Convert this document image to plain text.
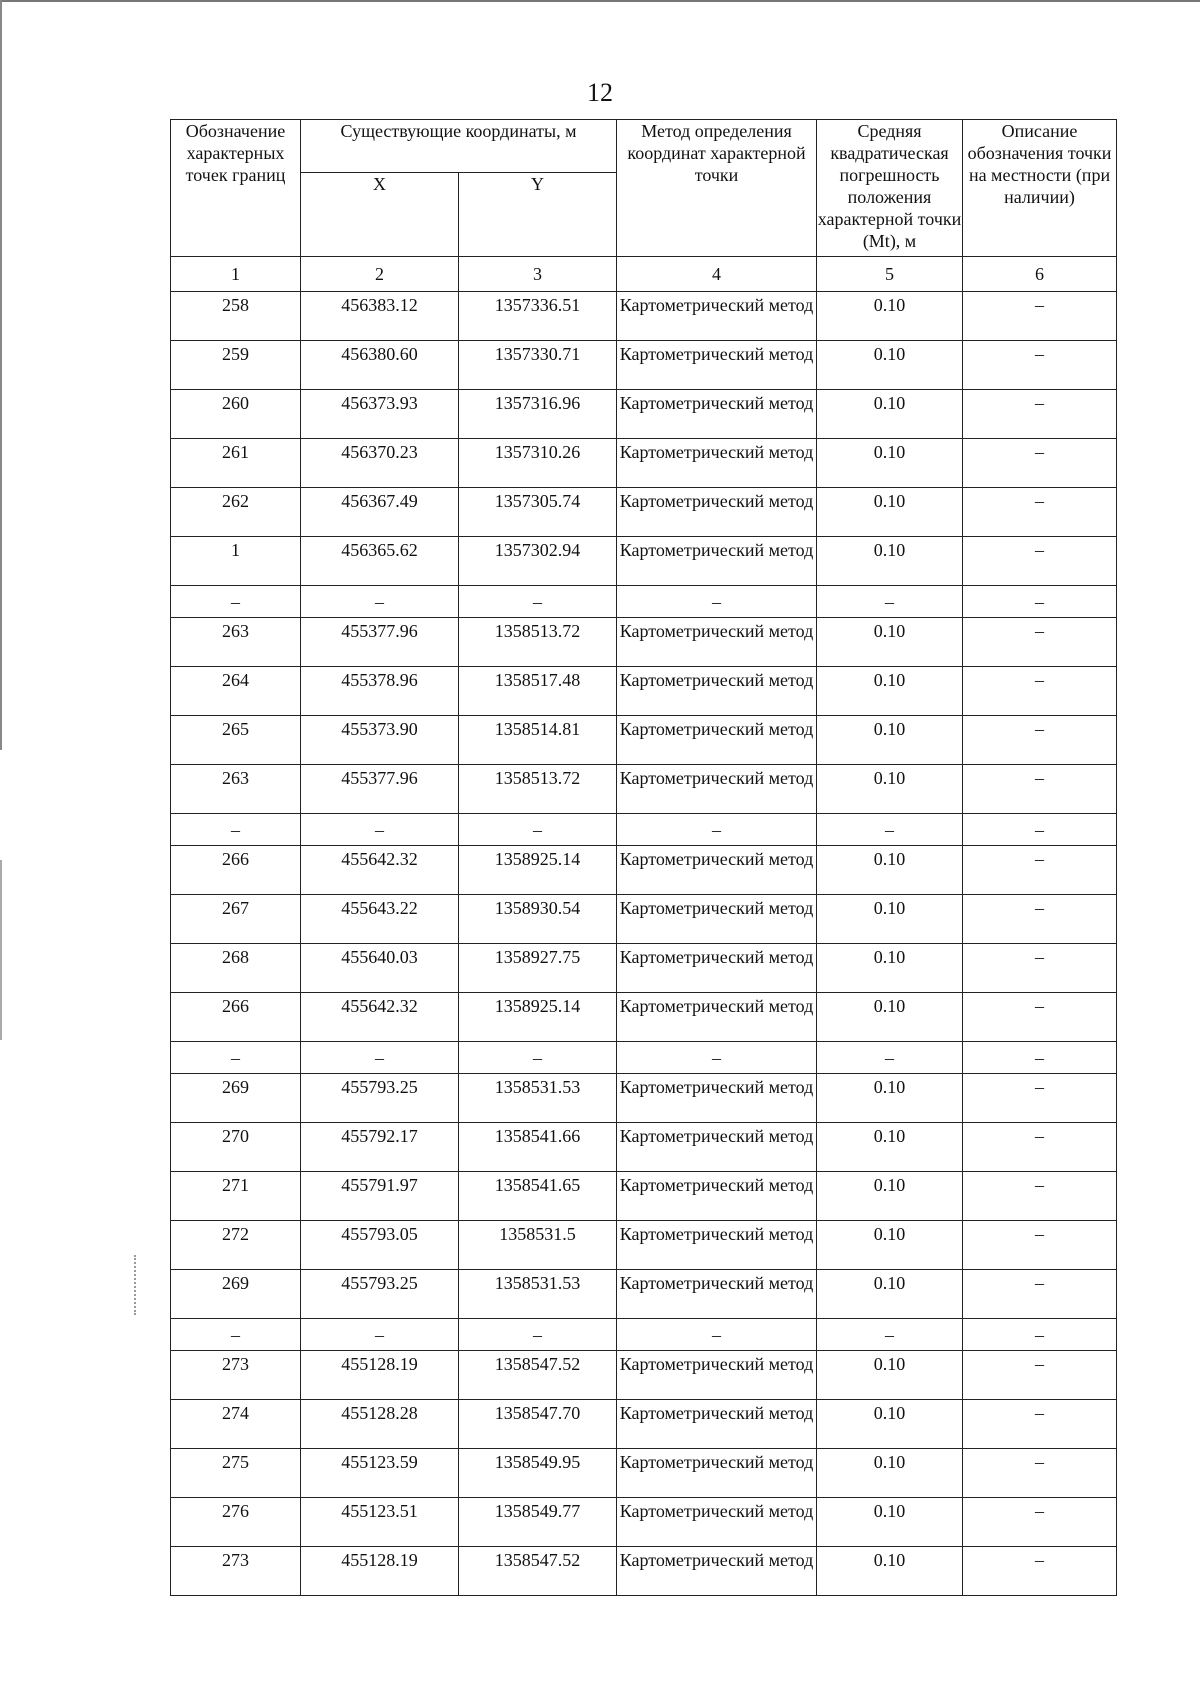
12
Обозначение характерных точек границ	Существующие координаты, м		Метод определения координат характерной точки	Средняя квадратическая погрешность положения характерной точки (Mt), м	Описание обозначения точки на местности (при наличии)
	X	Y			
1	2	3	4	5	6
258	456383.12	1357336.51	Картометрический метод	0.10	–
259	456380.60	1357330.71	Картометрический метод	0.10	–
260	456373.93	1357316.96	Картометрический метод	0.10	–
261	456370.23	1357310.26	Картометрический метод	0.10	–
262	456367.49	1357305.74	Картометрический метод	0.10	–
1	456365.62	1357302.94	Картометрический метод	0.10	–
–	–	–	–	–	–
263	455377.96	1358513.72	Картометрический метод	0.10	–
264	455378.96	1358517.48	Картометрический метод	0.10	–
265	455373.90	1358514.81	Картометрический метод	0.10	–
263	455377.96	1358513.72	Картометрический метод	0.10	–
–	–	–	–	–	–
266	455642.32	1358925.14	Картометрический метод	0.10	–
267	455643.22	1358930.54	Картометрический метод	0.10	–
268	455640.03	1358927.75	Картометрический метод	0.10	–
266	455642.32	1358925.14	Картометрический метод	0.10	–
–	–	–	–	–	–
269	455793.25	1358531.53	Картометрический метод	0.10	–
270	455792.17	1358541.66	Картометрический метод	0.10	–
271	455791.97	1358541.65	Картометрический метод	0.10	–
272	455793.05	1358531.5	Картометрический метод	0.10	–
269	455793.25	1358531.53	Картометрический метод	0.10	–
–	–	–	–	–	–
273	455128.19	1358547.52	Картометрический метод	0.10	–
274	455128.28	1358547.70	Картометрический метод	0.10	–
275	455123.59	1358549.95	Картометрический метод	0.10	–
276	455123.51	1358549.77	Картометрический метод	0.10	–
273	455128.19	1358547.52	Картометрический метод	0.10	–
